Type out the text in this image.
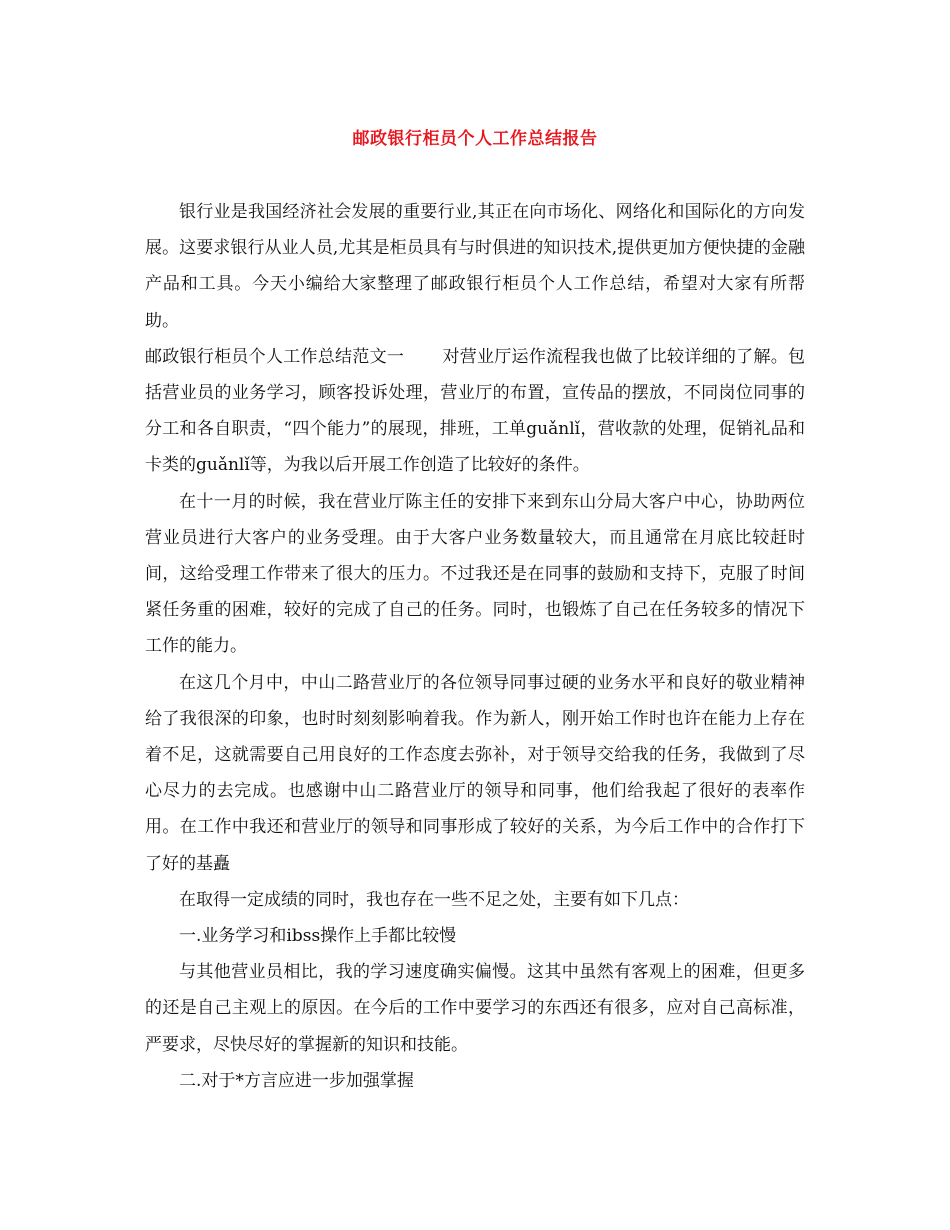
邮政银行柜员个人工作总结报告

银行业是我国经济社会发展的重要行业,其正在向市场化、网络化和国际化的方向发展。这要求银行从业人员,尤其是柜员具有与时俱进的知识技术,提供更加方便快捷的金融产品和工具。今天小编给大家整理了邮政银行柜员个人工作总结，希望对大家有所帮助。

邮政银行柜员个人工作总结范文一 对营业厅运作流程我也做了比较详细的了解。包括营业员的业务学习，顾客投诉处理，营业厅的布置，宣传品的摆放，不同岗位同事的分工和各自职责，“四个能力”的展现，排班，工单guǎnlǐ，营收款的处理，促销礼品和卡类的guǎnlǐ等，为我以后开展工作创造了比较好的条件。

在十一月的时候，我在营业厅陈主任的安排下来到东山分局大客户中心，协助两位营业员进行大客户的业务受理。由于大客户业务数量较大，而且通常在月底比较赶时间，这给受理工作带来了很大的压力。不过我还是在同事的鼓励和支持下，克服了时间紧任务重的困难，较好的完成了自己的任务。同时，也锻炼了自己在任务较多的情况下工作的能力。

在这几个月中，中山二路营业厅的各位领导同事过硬的业务水平和良好的敬业精神给了我很深的印象，也时时刻刻影响着我。作为新人，刚开始工作时也许在能力上存在着不足，这就需要自己用良好的工作态度去弥补，对于领导交给我的任务，我做到了尽心尽力的去完成。也感谢中山二路营业厅的领导和同事，他们给我起了很好的表率作用。在工作中我还和营业厅的领导和同事形成了较好的关系，为今后工作中的合作打下了好的基矗

在取得一定成绩的同时，我也存在一些不足之处，主要有如下几点：

一.业务学习和ibss操作上手都比较慢

与其他营业员相比，我的学习速度确实偏慢。这其中虽然有客观上的困难，但更多的还是自己主观上的原因。在今后的工作中要学习的东西还有很多，应对自己高标准，严要求，尽快尽好的掌握新的知识和技能。

二.对于*方言应进一步加强掌握
